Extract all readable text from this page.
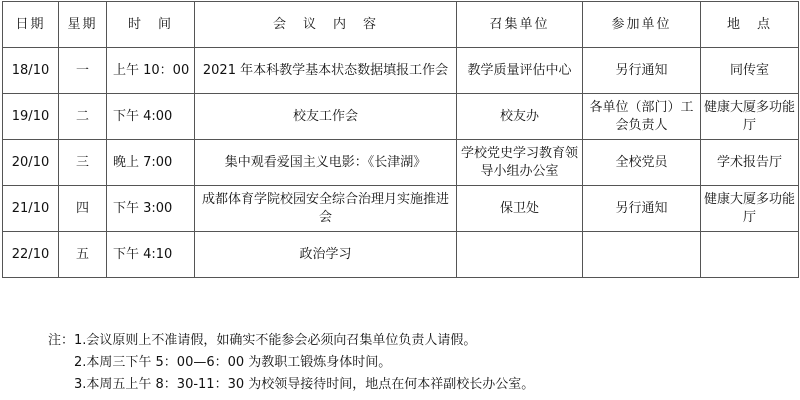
日期	星期	时　间	会　议　内　容	召集单位	参加单位	地　点
18/10	一	上午 10：00	2021 年本科教学基本状态数据填报工作会	教学质量评估中心	另行通知	同传室
19/10	二	下午 4:00	校友工作会	校友办	各单位（部门）工会负责人	健康大厦多功能厅
20/10	三	晚上 7:00	集中观看爱国主义电影：《长津湖》	学校党史学习教育领导小组办公室	全校党员	学术报告厅
21/10	四	下午 3:00	成都体育学院校园安全综合治理月实施推进会	保卫处	另行通知	健康大厦多功能厅
22/10	五	下午 4:10	政治学习			
注： 1.会议原则上不准请假，如确实不能参会必须向召集单位负责人请假。
2.本周三下午 5：00—6：00 为教职工锻炼身体时间。
3.本周五上午 8：30-11：30 为校领导接待时间，地点在何本祥副校长办公室。
